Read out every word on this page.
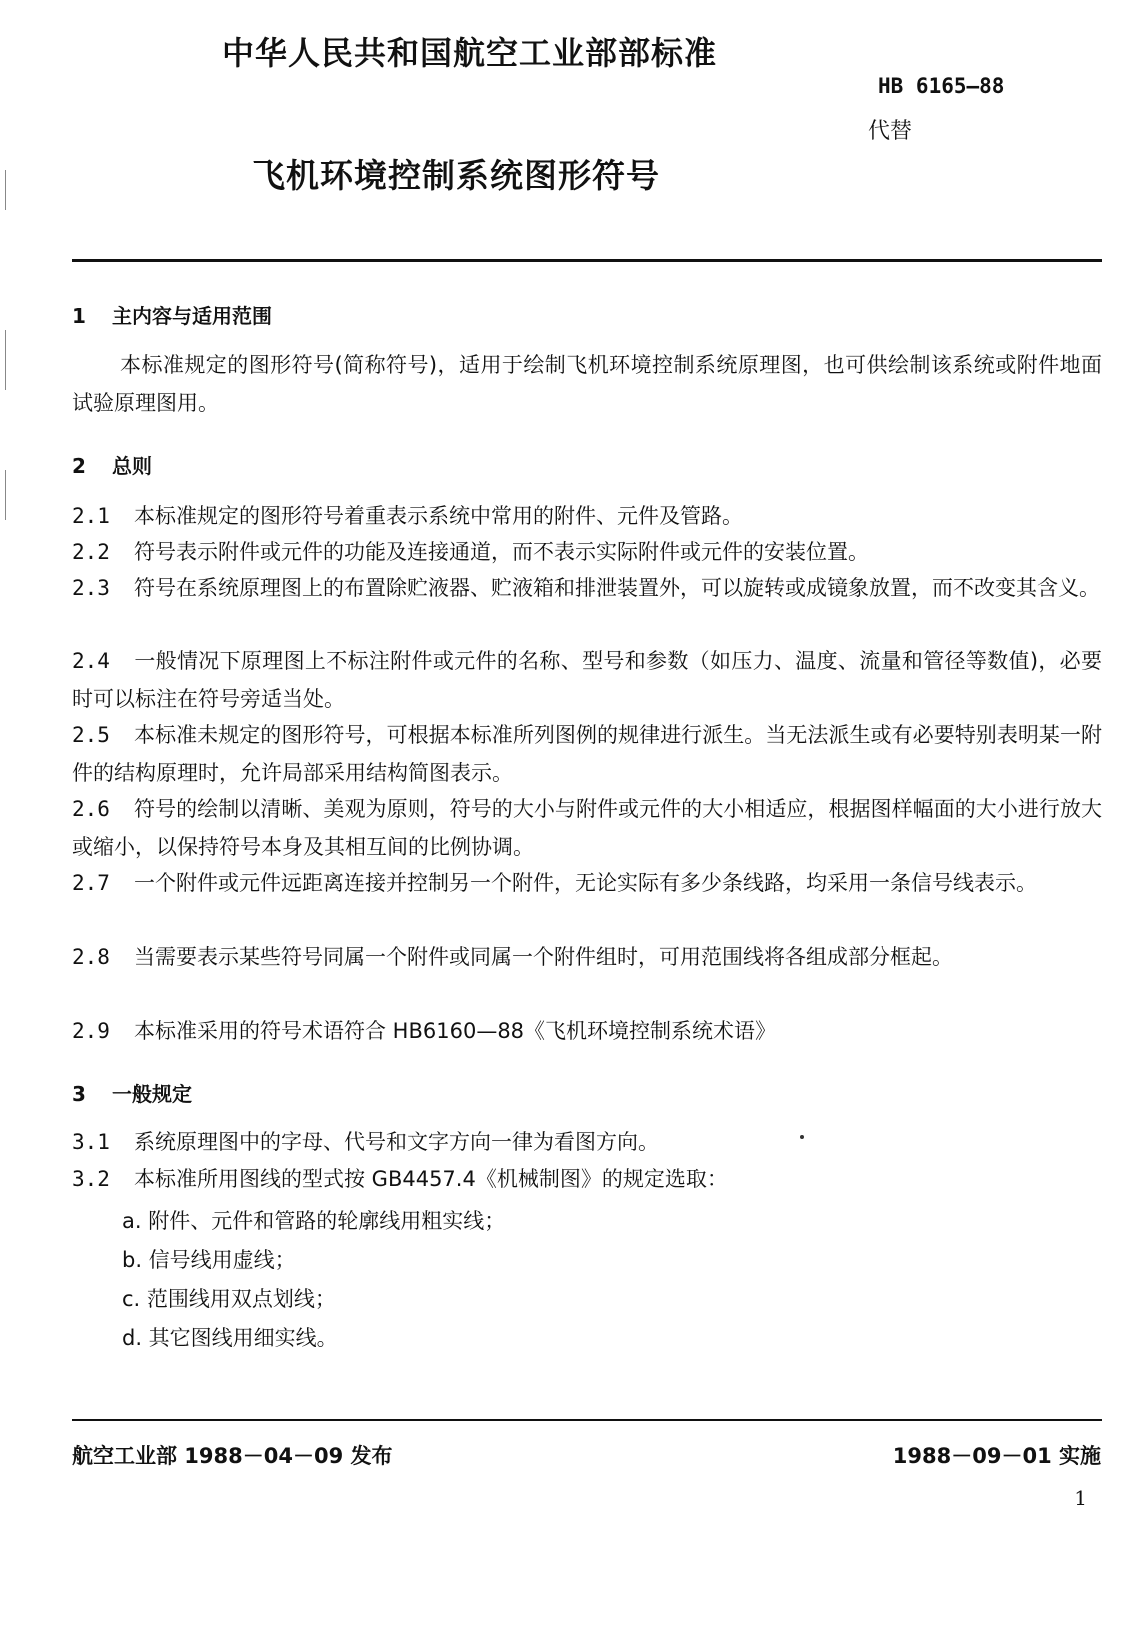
中华人民共和国航空工业部部标准
HB 6165—88
代替
飞机环境控制系统图形符号
1 主内容与适用范围
本标准规定的图形符号(简称符号)，适用于绘制飞机环境控制系统原理图，也可供绘制该系统或附件地面试验原理图用。
2 总则
2.1 本标准规定的图形符号着重表示系统中常用的附件、元件及管路。
2.2 符号表示附件或元件的功能及连接通道，而不表示实际附件或元件的安装位置。
2.3 符号在系统原理图上的布置除贮液器、贮液箱和排泄装置外，可以旋转或成镜象放置，而不改变其含义。
2.4 一般情况下原理图上不标注附件或元件的名称、型号和参数（如压力、温度、流量和管径等数值)，必要时可以标注在符号旁适当处。
2.5 本标准未规定的图形符号，可根据本标准所列图例的规律进行派生。当无法派生或有必要特别表明某一附件的结构原理时，允许局部采用结构简图表示。
2.6 符号的绘制以清晰、美观为原则，符号的大小与附件或元件的大小相适应，根据图样幅面的大小进行放大或缩小，以保持符号本身及其相互间的比例协调。
2.7 一个附件或元件远距离连接并控制另一个附件，无论实际有多少条线路，均采用一条信号线表示。
2.8 当需要表示某些符号同属一个附件或同属一个附件组时，可用范围线将各组成部分框起。
2.9 本标准采用的符号术语符合 HB6160—88《飞机环境控制系统术语》
3 一般规定
3.1 系统原理图中的字母、代号和文字方向一律为看图方向。
3.2 本标准所用图线的型式按 GB4457.4《机械制图》的规定选取：
a. 附件、元件和管路的轮廓线用粗实线；
b. 信号线用虚线；
c. 范围线用双点划线；
d. 其它图线用细实线。
航空工业部 1988－04－09 发布	1988－09－01 实施
1
